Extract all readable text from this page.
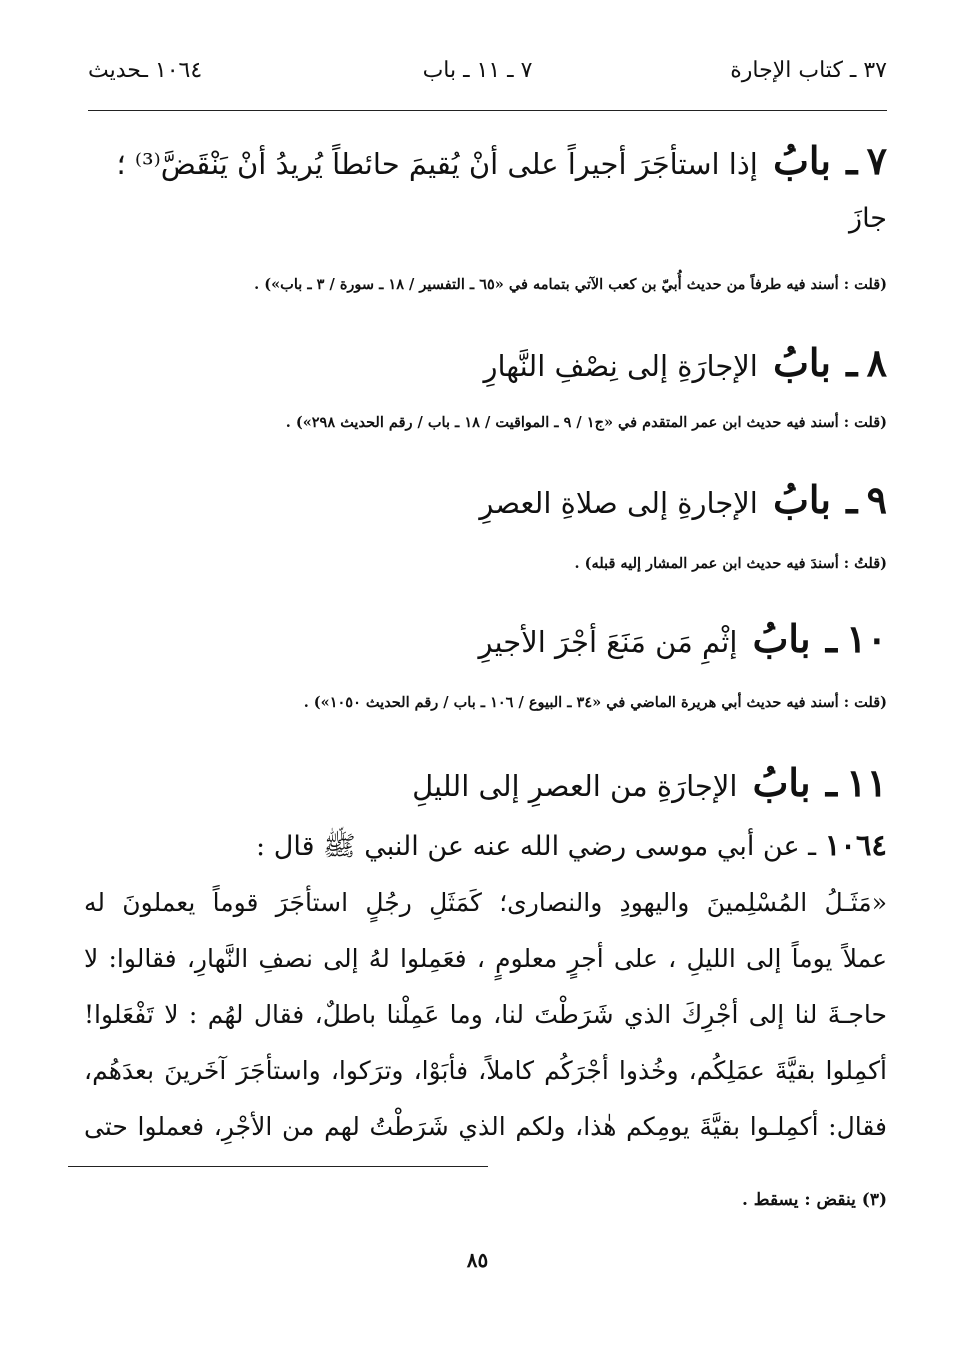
٣٧ ـ كتاب الإجارة
٧ ـ ١١ ـ باب
١٠٦٤ ـحديث
٧ ـ بابُ إذا استأجَرَ أجيراً على أنْ يُقيمَ حائطاً يُريدُ أنْ يَنْقَضَّ⁽³⁾ ؛
جازَ
(قلت : أسند فيه طرفاً من حديث أُبيّ بن كعب الآتي بتمامه في «٦٥ ـ التفسير / ١٨ ـ سورة / ٣ ـ باب») .
٨ ـ بابُ الإجارَةِ إلى نِصْفِ النَّهارِ
(قلت : أسند فيه حديث ابن عمر المتقدم في «ج١ / ٩ ـ المواقيت / ١٨ ـ باب / رقم الحديث ٢٩٨») .
٩ ـ بابُ الإجارةِ إلى صلاةِ العصرِ
(قلتُ : أسندَ فيه حديث ابن عمر المشار إليه قبله) .
١٠ ـ بابُ إثْمِ مَن مَنَعَ أجْرَ الأجيرِ
(قلت : أسند فيه حديث أبي هريرة الماضي في «٣٤ ـ البيوع / ١٠٦ ـ باب / رقم الحديث ١٠٥٠») .
١١ ـ بابُ الإجارَةِ من العصرِ إلى الليلِ
١٠٦٤ ـ عن أبي موسى رضي الله عنه عن النبي ﷺ قال :
«مَثَـلُ المُسْلِمينَ واليهودِ والنصارى؛ كَمَثَلِ رجُلٍ استأجَرَ قوماً يعملونَ له
عملاً يوماً إلى الليلِ ، على أجرٍ معلومٍ ، فعَمِلوا لهُ إلى نصفِ النَّهارِ، فقالوا: لا
حاجـةَ لنا إلى أجْرِكَ الذي شَرَطْتَ لنا، وما عَمِلْنا باطلٌ، فقال لهُم : لا تَفْعَلوا!
أكمِلوا بقيَّةَ عمَلِكُم، وخُذوا أجْرَكُم كاملاً، فأبَوْا، وترَكوا، واستأجَرَ آخَرينَ بعدَهُم،
فقال: أكمِلـوا بقيَّةَ يومِكم هٰذا، ولكم الذي شَرَطْتُ لهم من الأجْرِ، فعملوا حتى
(٣) ينقض : يسقط .
٨٥
